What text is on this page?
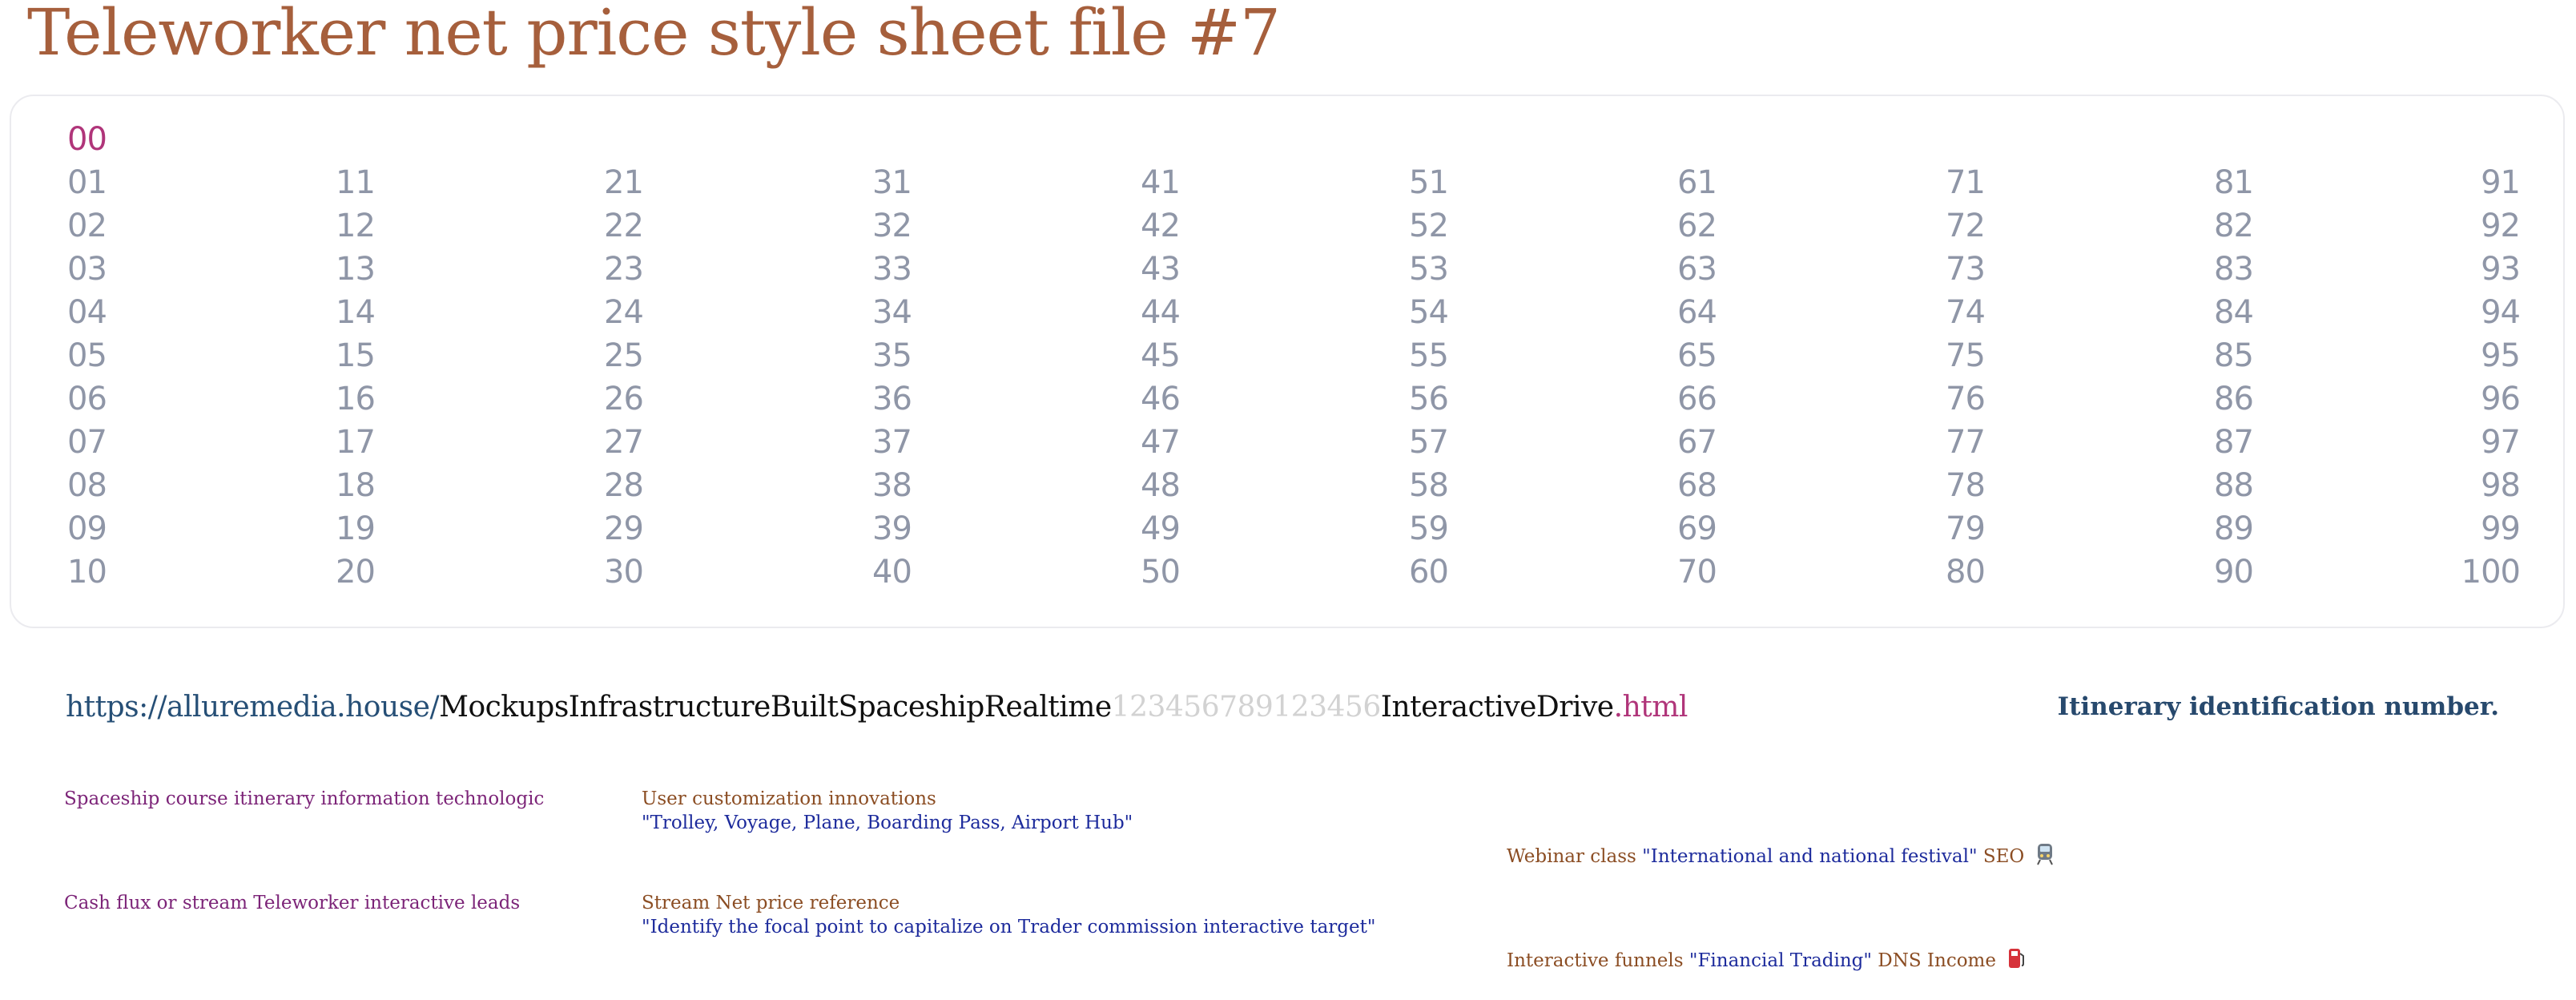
Teleworker net price style sheet file #7
00
01
02
03
04
05
06
07
08
09
10
11
12
13
14
15
16
17
18
19
20
21
22
23
24
25
26
27
28
29
30
31
32
33
34
35
36
37
38
39
40
41
42
43
44
45
46
47
48
49
50
51
52
53
54
55
56
57
58
59
60
61
62
63
64
65
66
67
68
69
70
71
72
73
74
75
76
77
78
79
80
81
82
83
84
85
86
87
88
89
90
91
92
93
94
95
96
97
98
99
100
https://alluremedia.house/MockupsInfrastructureBuiltSpaceshipRealtime123456789123456InteractiveDrive.html	Itinerary identification number.
Spaceship course itinerary information technologic
Cash flux or stream Teleworker interactive leads
User customization innovations
"Trolley, Voyage, Plane, Boarding Pass, Airport Hub"
Stream Net price reference
"Identify the focal point to capitalize on Trader commission interactive target"
Webinar class "International and national festival" SEO
Interactive funnels "Financial Trading" DNS Income
